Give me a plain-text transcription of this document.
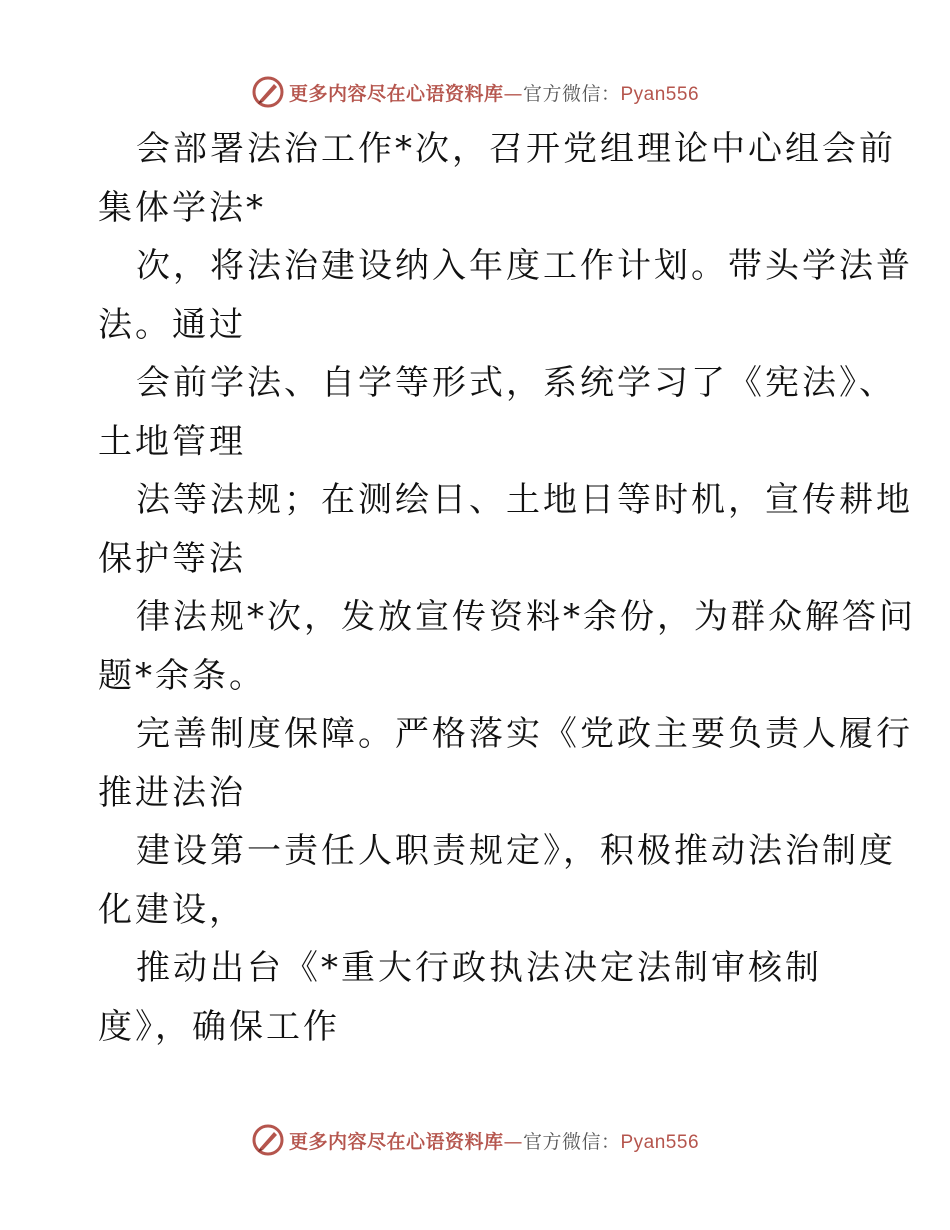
更多内容尽在心语资料库—官方微信：Pyan556
会部署法治工作*次，召开党组理论中心组会前
集体学法*
次，将法治建设纳入年度工作计划。带头学法普
法。通过
会前学法、自学等形式，系统学习了《宪法》、
土地管理
法等法规；在测绘日、土地日等时机，宣传耕地
保护等法
律法规*次，发放宣传资料*余份，为群众解答问
题*余条。
完善制度保障。严格落实《党政主要负责人履行
推进法治
建设第一责任人职责规定》，积极推动法治制度
化建设，
推动出台《*重大行政执法决定法制审核制
度》，确保工作
更多内容尽在心语资料库—官方微信：Pyan556
